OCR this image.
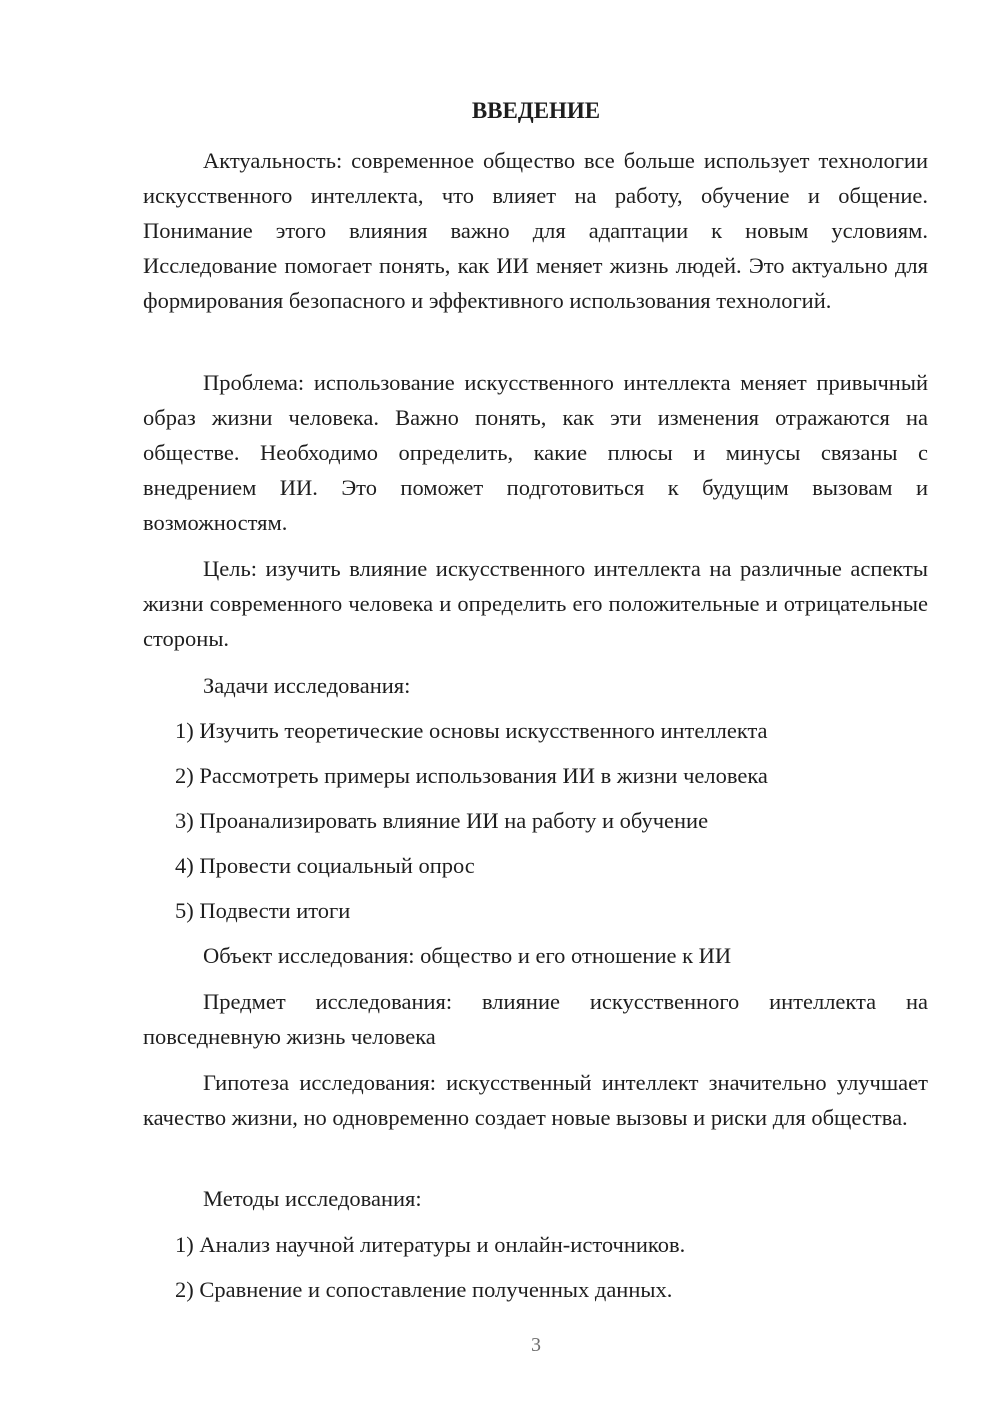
ВВЕДЕНИЕ

Актуальность: современное общество все больше использует технологии искусственного интеллекта, что влияет на работу, обучение и общение. Понимание этого влияния важно для адаптации к новым условиям. Исследование помогает понять, как ИИ меняет жизнь людей. Это актуально для формирования безопасного и эффективного использования технологий.

Проблема: использование искусственного интеллекта меняет привычный образ жизни человека. Важно понять, как эти изменения отражаются на обществе. Необходимо определить, какие плюсы и минусы связаны с внедрением ИИ. Это поможет подготовиться к будущим вызовам и возможностям.

Цель: изучить влияние искусственного интеллекта на различные аспекты жизни современного человека и определить его положительные и отрицательные стороны.

Задачи исследования:

1) Изучить теоретические основы искусственного интеллекта

2) Рассмотреть примеры использования ИИ в жизни человека

3) Проанализировать влияние ИИ на работу и обучение

4) Провести социальный опрос

5) Подвести итоги

Объект исследования: общество и его отношение к ИИ

Предмет исследования: влияние искусственного интеллекта на повседневную жизнь человека

Гипотеза исследования: искусственный интеллект значительно улучшает качество жизни, но одновременно создает новые вызовы и риски для общества.

Методы исследования:

1) Анализ научной литературы и онлайн-источников.

2) Сравнение и сопоставление полученных данных.

3
